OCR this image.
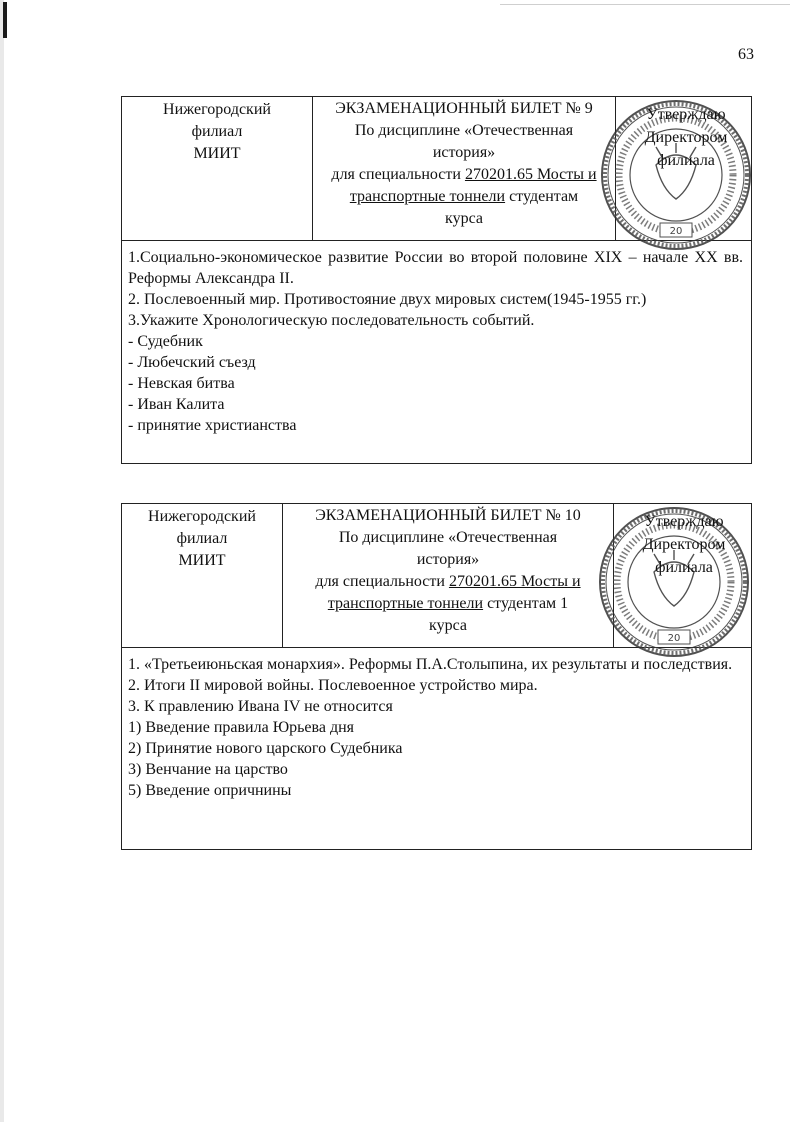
63
Нижегородский
филиал
МИИТ
ЭКЗАМЕНАЦИОННЫЙ БИЛЕТ № 9
По дисциплине «Отечественная история»
для специальности 270201.65 Мосты и
транспортные тоннели студентам
курса
20
Утверждаю
Директором
филиала

1.Социально-экономическое развитие России во второй половине XIX – начале XX вв. Реформы Александра II.

2. Послевоенный мир. Противостояние двух мировых систем(1945-1955 гг.)

3.Укажите Хронологическую последовательность событий.

- Судебник

- Любечский съезд

- Невская битва

- Иван Калита

- принятие христианства

Нижегородский
филиал
МИИТ
ЭКЗАМЕНАЦИОННЫЙ БИЛЕТ № 10
По дисциплине «Отечественная история»
для специальности 270201.65 Мосты и
транспортные тоннели студентам 1
курса
20
Утверждаю
Директором
филиала

1. «Третьеиюньская монархия». Реформы П.А.Столыпина, их результаты и последствия.

2. Итоги II мировой войны. Послевоенное устройство мира.

3. К правлению Ивана IV не относится

1) Введение правила Юрьева дня

2) Принятие нового царского Судебника

3) Венчание на царство

5) Введение опричнины
